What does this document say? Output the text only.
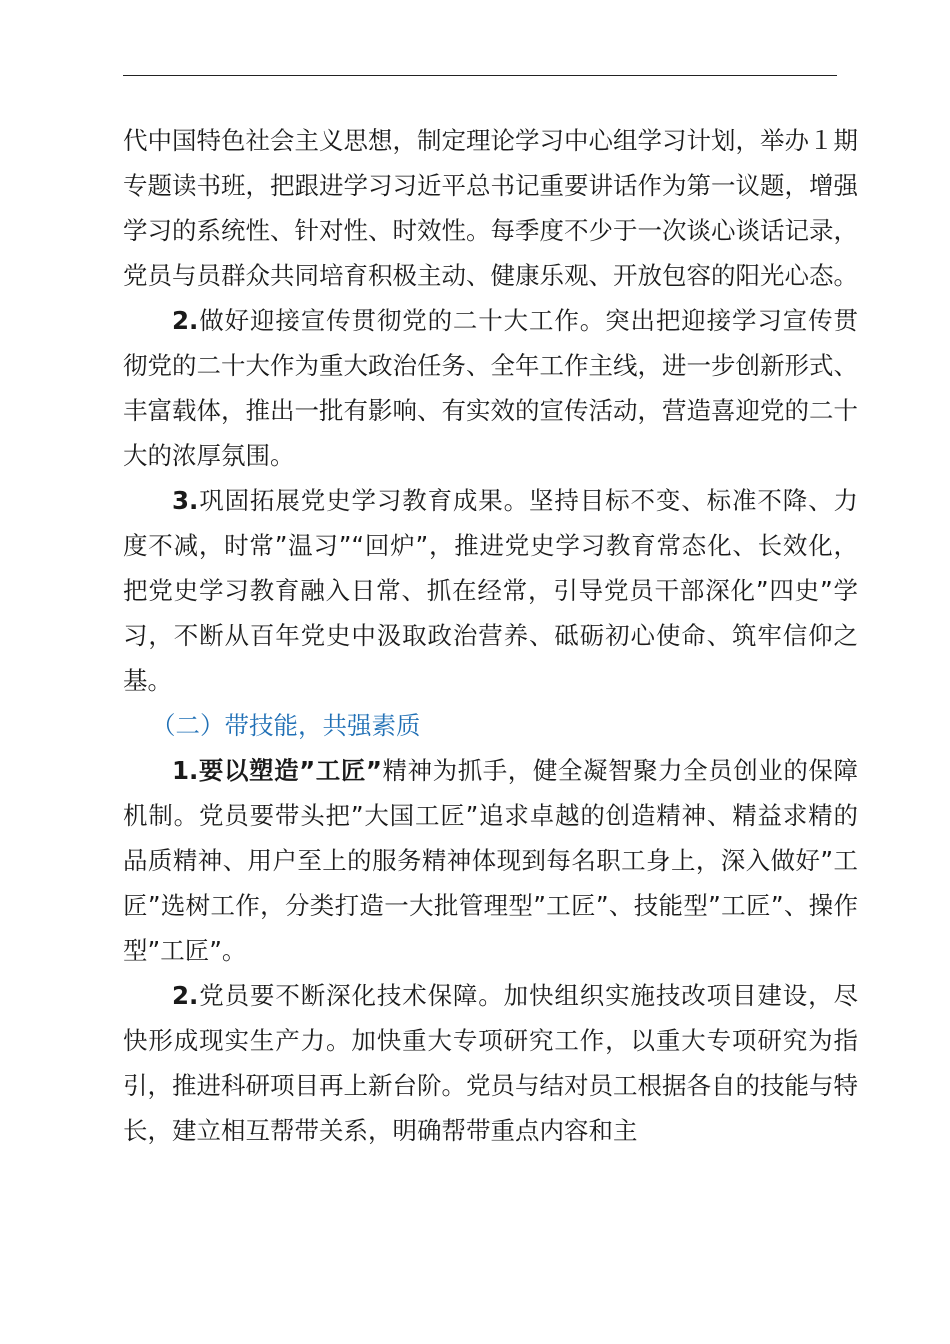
代中国特色社会主义思想，制定理论学习中心组学习计划，举办１期专题读书班，把跟进学习习近平总书记重要讲话作为第一议题，增强学习的系统性、针对性、时效性。每季度不少于一次谈心谈话记录，党员与员群众共同培育积极主动、健康乐观、开放包容的阳光心态。

2.做好迎接宣传贯彻党的二十大工作。突出把迎接学习宣传贯彻党的二十大作为重大政治任务、全年工作主线，进一步创新形式、丰富载体，推出一批有影响、有实效的宣传活动，营造喜迎党的二十大的浓厚氛围。

3.巩固拓展党史学习教育成果。坚持目标不变、标准不降、力度不减，时常”温习”“回炉”，推进党史学习教育常态化、长效化，把党史学习教育融入日常、抓在经常，引导党员干部深化”四史”学习，不断从百年党史中汲取政治营养、砥砺初心使命、筑牢信仰之基。

（二）带技能，共强素质

1.要以塑造”工匠”精神为抓手，健全凝智聚力全员创业的保障机制。党员要带头把”大国工匠”追求卓越的创造精神、精益求精的品质精神、用户至上的服务精神体现到每名职工身上，深入做好”工匠”选树工作，分类打造一大批管理型”工匠”、技能型”工匠”、操作型”工匠”。

2.党员要不断深化技术保障。加快组织实施技改项目建设，尽快形成现实生产力。加快重大专项研究工作，以重大专项研究为指引，推进科研项目再上新台阶。党员与结对员工根据各自的技能与特长，建立相互帮带关系，明确帮带重点内容和主
